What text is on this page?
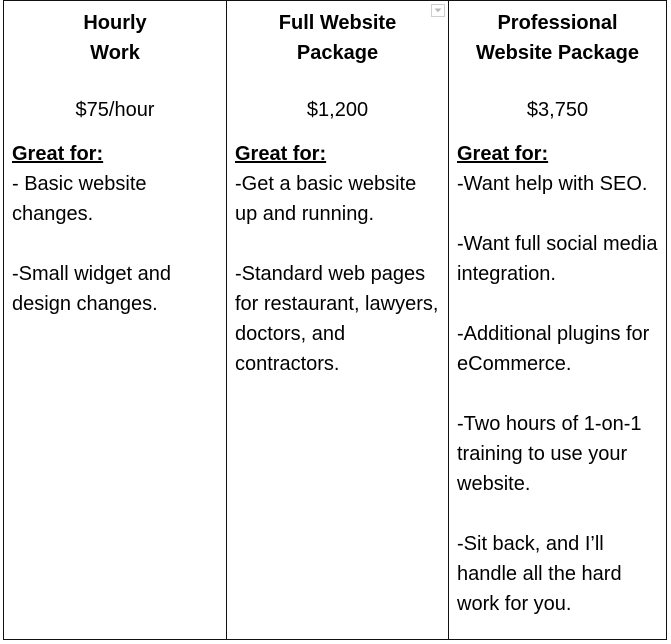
Hourly
Work
$75/hour
Great for:

- Basic website changes.

-Small widget and design changes.

Full Website
Package
$1,200
Great for:

-Get a basic website up and running.

-Standard web pages for restaurant, lawyers, doctors, and contractors.

Professional
Website Package
$3,750
Great for:

-Want help with SEO.

-Want full social media integration.

-Additional plugins for eCommerce.

-Two hours of 1-on-1 training to use your website.

-Sit back, and I’ll handle all the hard work for you.
